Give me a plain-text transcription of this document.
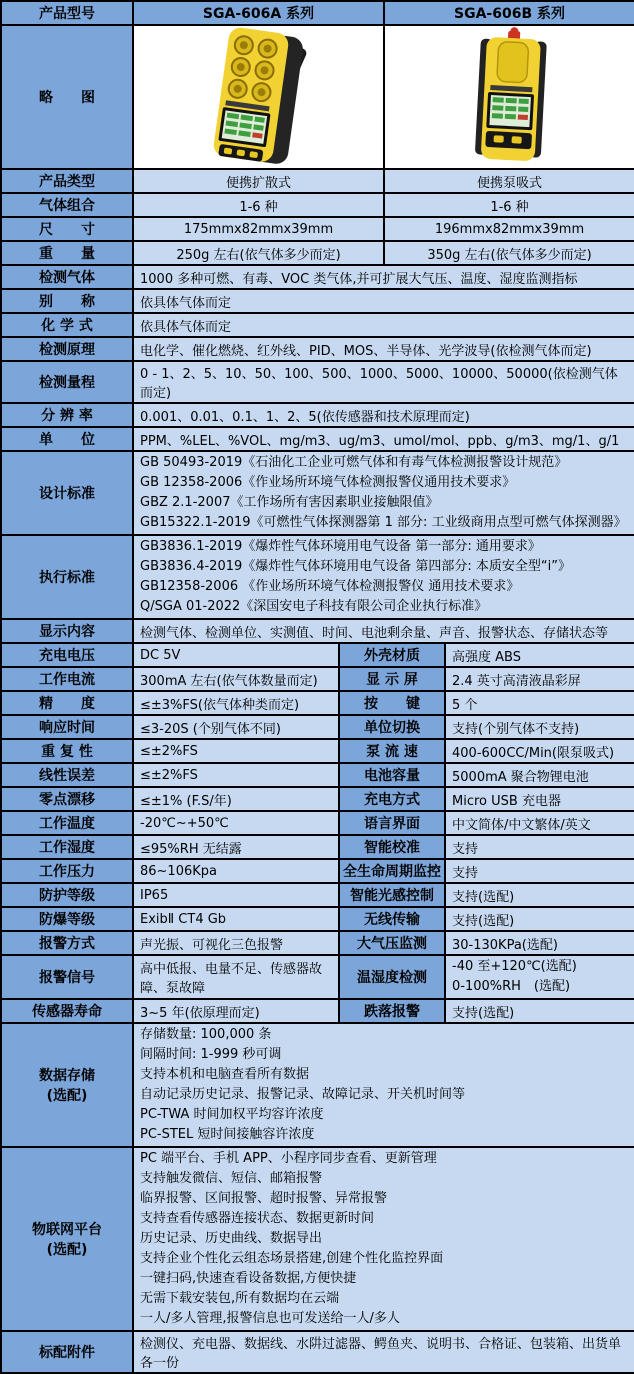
产品型号	SGA-606A 系列		SGA-606B 系列	
略　　图		
产品类型	便携扩散式		便携泵吸式	
气体组合	1-6 种		1-6 种	
尺　　寸	175mmx82mmx39mm		196mmx82mmx39mm	
重　　量	250g 左右(依气体多少而定)		350g 左右(依气体多少而定)	
检测气体	1000 多种可燃、有毒、VOC 类气体,并可扩展大气压、温度、湿度监测指标			
别　　称	依具体气体而定			
化 学 式	依具体气体而定			
检测原理	电化学、催化燃烧、红外线、PID、MOS、半导体、光学波导(依检测气体而定)			
检测量程	0 - 1、2、5、10、50、100、500、1000、5000、10000、50000(依检测气体而定)			
分 辨 率	0.001、0.01、0.1、1、2、5(依传感器和技术原理而定)			
单　　位	PPM、%LEL、%VOL、mg/m3、ug/m3、umol/mol、ppb、g/m3、mg/1、g/1			
设计标准	GB 50493-2019《石油化工企业可燃气体和有毒气体检测报警设计规范》
GB 12358-2006《作业场所环境气体检测报警仪通用技术要求》
GBZ 2.1-2007《工作场所有害因素职业接触限值》
GB15322.1-2019《可燃性气体探测器第 1 部分: 工业级商用点型可燃气体探测器》			

执行标准	GB3836.1-2019《爆炸性气体环境用电气设备 第一部分: 通用要求》
GB3836.4-2019《爆炸性气体环境用电气设备 第四部分: 本质安全型“i”》
GB12358-2006 《作业场所环境气体检测报警仪 通用技术要求》
Q/SGA 01-2022《深国安电子科技有限公司企业执行标准》			

显示内容	检测气体、检测单位、实测值、时间、电池剩余量、声音、报警状态、存储状态等			
充电电压	DC 5V	外壳材质		高强度 ABS
工作电流	300mA 左右(依气体数量而定)	显 示 屏		2.4 英寸高清液晶彩屏
精　　度	≤±3%FS(依气体种类而定)	按　　键		5 个
响应时间	≤3-20S (个别气体不同)	单位切换		支持(个别气体不支持)
重 复 性	≤±2%FS	泵 流 速		400-600CC/Min(限泵吸式)
线性误差	≤±2%FS	电池容量		5000mA 聚合物锂电池
零点漂移	≤±1% (F.S/年)	充电方式		Micro USB 充电器
工作温度	-20℃~+50℃	语言界面		中文简体/中文繁体/英文
工作湿度	≤95%RH 无结露	智能校准		支持
工作压力	86~106Kpa	全生命周期监控		支持
防护等级	IP65	智能光感控制		支持(选配)
防爆等级	ExibⅡ CT4 Gb	无线传输		支持(选配)
报警方式	声光振、可视化三色报警	大气压监测		30-130KPa(选配)
报警信号	高中低报、电量不足、传感器故障、泵故障	温湿度检测		-40 至+120℃(选配)
0-100%RH　(选配)

传感器寿命	3~5 年(依原理而定)	跌落报警		支持(选配)

数据存储
(选配)

存储数量: 100,000 条
间隔时间: 1-999 秒可调
支持本机和电脑查看所有数据
自动记录历史记录、报警记录、故障记录、开关机时间等
PC-TWA 时间加权平均容许浓度
PC-STEL 短时间接触容许浓度

物联网平台
(选配)

PC 端平台、手机 APP、小程序同步查看、更新管理
支持触发微信、短信、邮箱报警
临界报警、区间报警、超时报警、异常报警
支持查看传感器连接状态、数据更新时间
历史记录、历史曲线、数据导出
支持企业个性化云组态场景搭建,创建个性化监控界面
一键扫码,快速查看设备数据,方便快捷
无需下载安装包,所有数据均在云端
一人/多人管理,报警信息也可发送给一人/多人

标配附件	检测仪、充电器、数据线、水阱过滤器、鳄鱼夹、说明书、合格证、包装箱、出货单各一份			
